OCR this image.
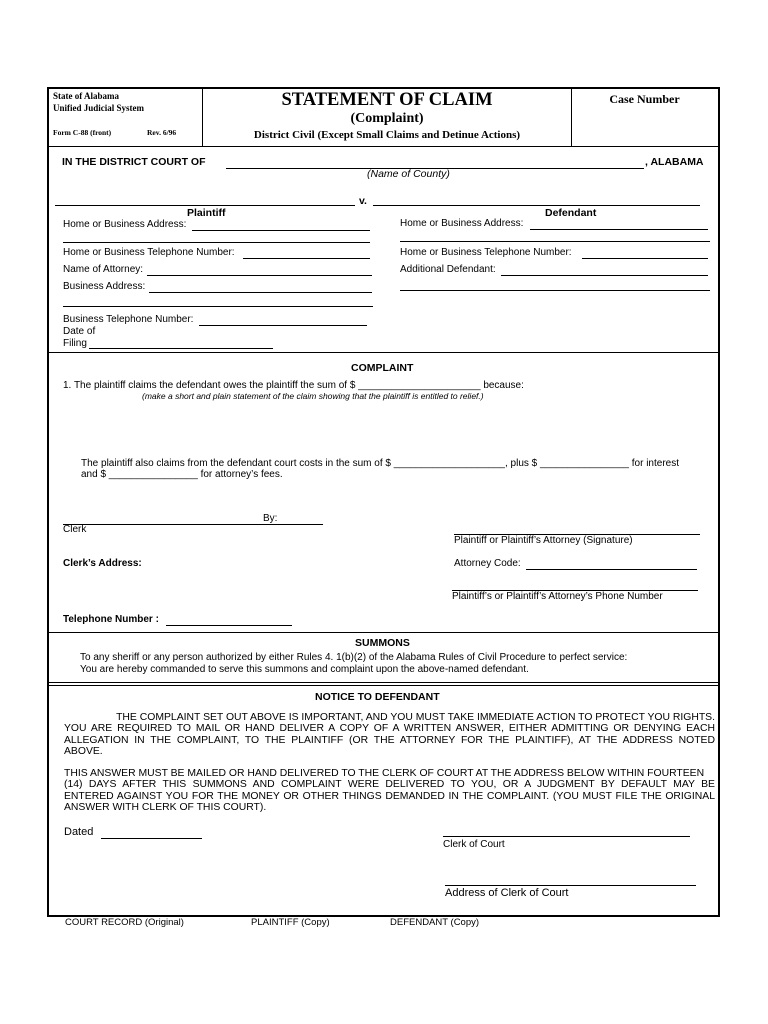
State of Alabama
Unified Judicial System
Form C-88 (front)	Rev. 6/96
STATEMENT OF CLAIM
(Complaint)
District Civil (Except Small Claims and Detinue Actions)
Case Number
IN THE DISTRICT COURT OF	, ALABAMA
(Name of County)
v.
Plaintiff
Home or Business Address:
Home or Business Telephone Number:
Name of Attorney:
Business Address:
Business Telephone Number:
Date of
Filing
Defendant
Home or Business Address:
Home or Business Telephone Number:
Additional Defendant:
COMPLAINT
1. The plaintiff claims the defendant owes the plaintiff the sum of $ ______________________ because:
(make a short and plain statement of the claim showing that the plaintiff is entitled to relief.)
The plaintiff also claims from the defendant court costs in the sum of $ ____________________, plus $ ________________ for interest
and $ ________________ for attorney’s fees.
By:
Clerk
Clerk’s Address:
Telephone Number :
Plaintiff or Plaintiff’s Attorney (Signature)
Attorney Code:
Plaintiff’s or Plaintiff’s Attorney’s Phone Number
SUMMONS
To any sheriff or any person authorized by either Rules 4. 1(b)(2) of the Alabama Rules of Civil Procedure to perfect service:
You are hereby commanded to serve this summons and complaint upon the above-named defendant.
NOTICE TO DEFENDANT
THE COMPLAINT SET OUT ABOVE IS IMPORTANT, AND YOU MUST TAKE IMMEDIATE ACTION TO PROTECT YOU RIGHTS.
YOU ARE REQUIRED TO MAIL OR HAND DELIVER A COPY OF A WRITTEN ANSWER, EITHER ADMITTING OR DENYING EACH
ALLEGATION IN THE COMPLAINT, TO THE PLAINTIFF (OR THE ATTORNEY FOR THE PLAINTIFF), AT THE ADDRESS NOTED
ABOVE.
THIS ANSWER MUST BE MAILED OR HAND DELIVERED TO THE CLERK OF COURT AT THE ADDRESS BELOW WITHIN FOURTEEN
(14) DAYS AFTER THIS SUMMONS AND COMPLAINT WERE DELIVERED TO YOU, OR A JUDGMENT BY DEFAULT MAY BE
ENTERED AGAINST YOU FOR THE MONEY OR OTHER THINGS DEMANDED IN THE COMPLAINT. (YOU MUST FILE THE ORIGINAL
ANSWER WITH CLERK OF THIS COURT).
Dated
Clerk of Court
Address of Clerk of Court
COURT RECORD (Original)	PLAINTIFF (Copy)	DEFENDANT (Copy)
